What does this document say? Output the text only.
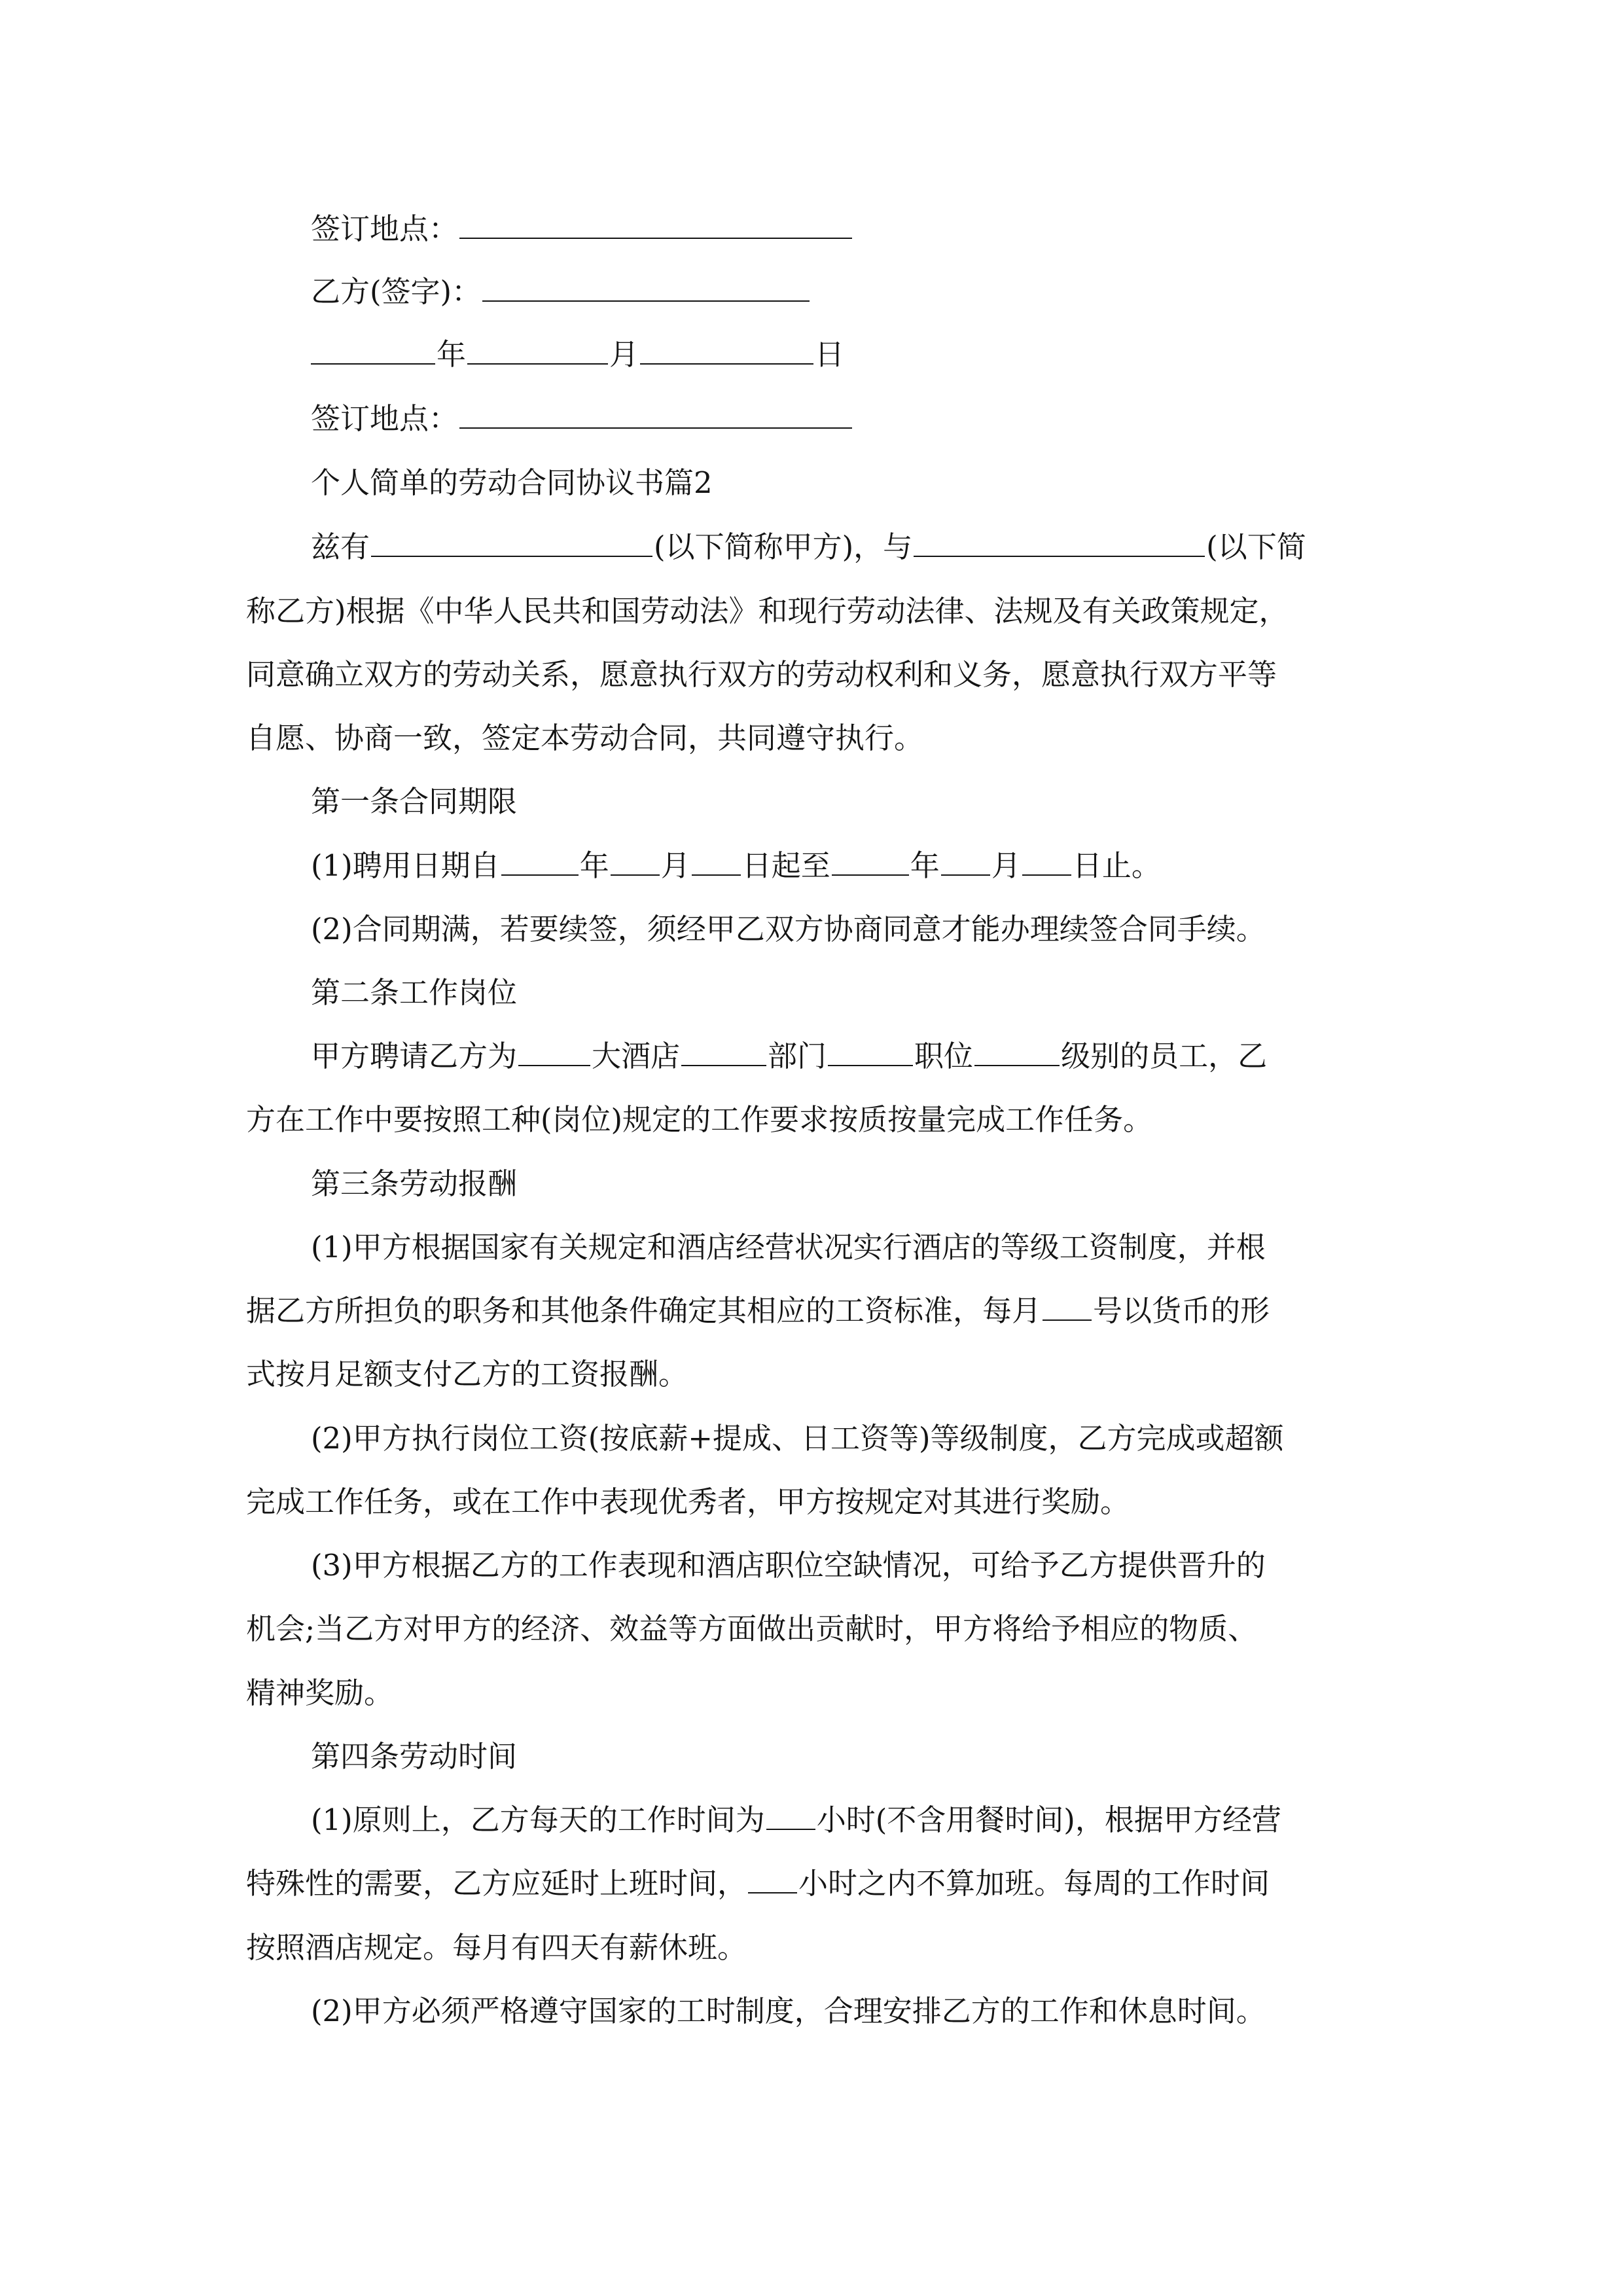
签订地点：

乙方(签字)：

年	月	日

签订地点：

个人简单的劳动合同协议书篇2

兹有	(以下简称甲方)，与	(以下简

称乙方)根据《中华人民共和国劳动法》和现行劳动法律、法规及有关政策规定，

同意确立双方的劳动关系，愿意执行双方的劳动权利和义务，愿意执行双方平等

自愿、协商一致，签定本劳动合同，共同遵守执行。

第一条合同期限

(1)聘用日期自	年 月 日起至	年 月 日止。

(2)合同期满，若要续签，须经甲乙双方协商同意才能办理续签合同手续。

第二条工作岗位

甲方聘请乙方为	大酒店	部门	职位	级别的员工，乙

方在工作中要按照工种(岗位)规定的工作要求按质按量完成工作任务。

第三条劳动报酬

(1)甲方根据国家有关规定和酒店经营状况实行酒店的等级工资制度，并根

据乙方所担负的职务和其他条件确定其相应的工资标准，每月 号以货币的形

式按月足额支付乙方的工资报酬。

(2)甲方执行岗位工资(按底薪+提成、日工资等)等级制度，乙方完成或超额

完成工作任务，或在工作中表现优秀者，甲方按规定对其进行奖励。

(3)甲方根据乙方的工作表现和酒店职位空缺情况，可给予乙方提供晋升的

机会;当乙方对甲方的经济、效益等方面做出贡献时，甲方将给予相应的物质、

精神奖励。

第四条劳动时间

(1)原则上，乙方每天的工作时间为 小时(不含用餐时间)，根据甲方经营

特殊性的需要，乙方应延时上班时间， 小时之内不算加班。每周的工作时间

按照酒店规定。每月有四天有薪休班。

(2)甲方必须严格遵守国家的工时制度，合理安排乙方的工作和休息时间。
